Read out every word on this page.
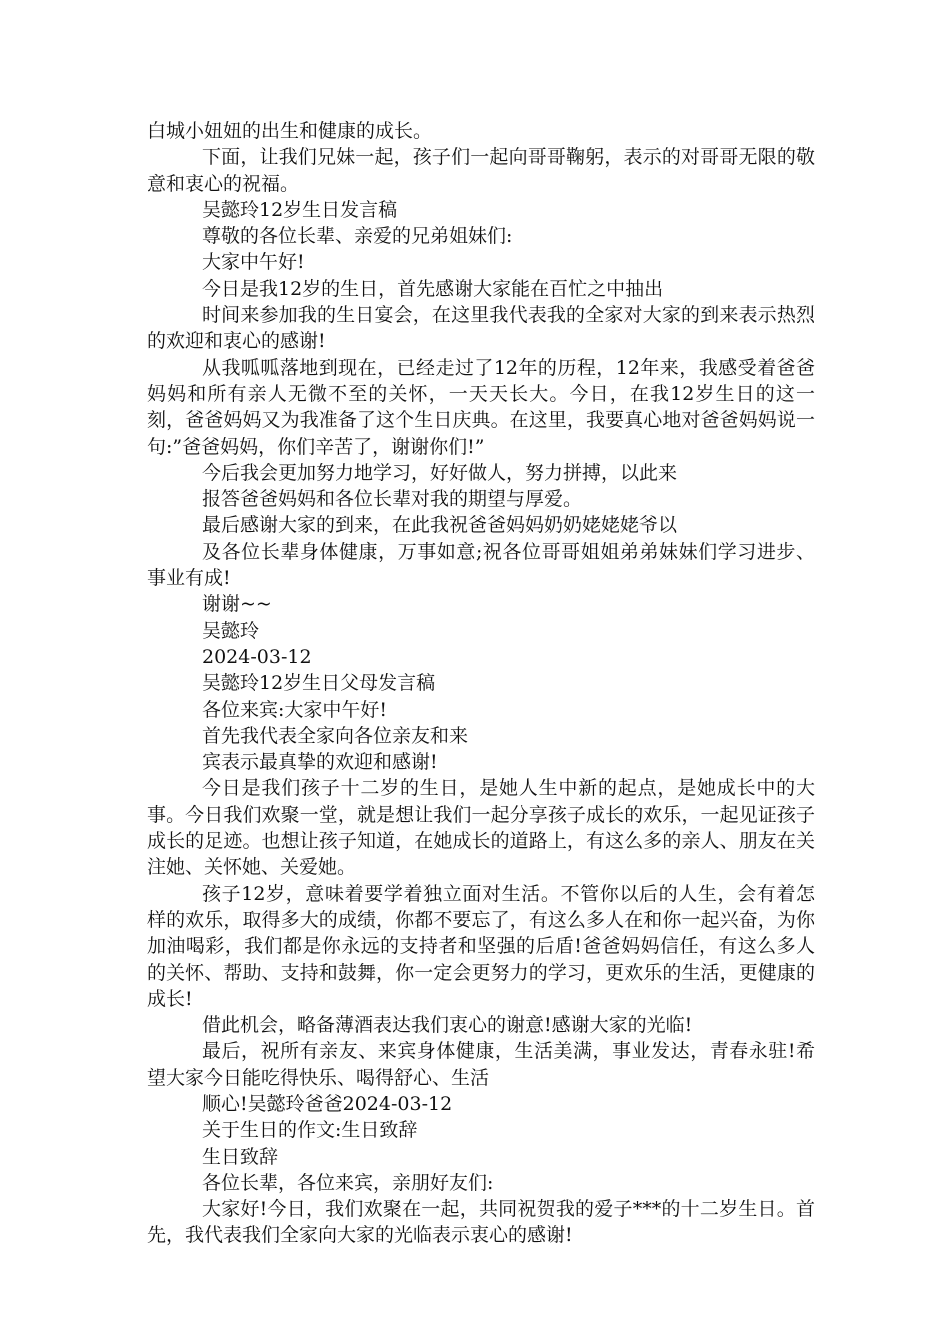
白城小妞妞的出生和健康的成长。

下面，让我们兄妹一起，孩子们一起向哥哥鞠躬，表示的对哥哥无限的敬意和衷心的祝福。

吴懿玲12岁生日发言稿

尊敬的各位长辈、亲爱的兄弟姐妹们:

大家中午好!

今日是我12岁的生日，首先感谢大家能在百忙之中抽出

时间来参加我的生日宴会，在这里我代表我的全家对大家的到来表示热烈的欢迎和衷心的感谢!

从我呱呱落地到现在，已经走过了12年的历程，12年来，我感受着爸爸妈妈和所有亲人无微不至的关怀，一天天长大。今日，在我12岁生日的这一刻，爸爸妈妈又为我准备了这个生日庆典。在这里，我要真心地对爸爸妈妈说一句:”爸爸妈妈，你们辛苦了，谢谢你们!”

今后我会更加努力地学习，好好做人，努力拼搏，以此来

报答爸爸妈妈和各位长辈对我的期望与厚爱。

最后感谢大家的到来，在此我祝爸爸妈妈奶奶姥姥姥爷以

及各位长辈身体健康，万事如意;祝各位哥哥姐姐弟弟妹妹们学习进步、事业有成!

谢谢~~

吴懿玲

2024-03-12

吴懿玲12岁生日父母发言稿

各位来宾:大家中午好!

首先我代表全家向各位亲友和来

宾表示最真挚的欢迎和感谢!

今日是我们孩子十二岁的生日，是她人生中新的起点，是她成长中的大事。今日我们欢聚一堂，就是想让我们一起分享孩子成长的欢乐，一起见证孩子成长的足迹。也想让孩子知道，在她成长的道路上，有这么多的亲人、朋友在关注她、关怀她、关爱她。

孩子12岁，意味着要学着独立面对生活。不管你以后的人生，会有着怎样的欢乐，取得多大的成绩，你都不要忘了，有这么多人在和你一起兴奋，为你加油喝彩，我们都是你永远的支持者和坚强的后盾!爸爸妈妈信任，有这么多人的关怀、帮助、支持和鼓舞，你一定会更努力的学习，更欢乐的生活，更健康的成长!

借此机会，略备薄酒表达我们衷心的谢意!感谢大家的光临!

最后，祝所有亲友、来宾身体健康，生活美满，事业发达，青春永驻!希望大家今日能吃得快乐、喝得舒心、生活

顺心!吴懿玲爸爸2024-03-12

关于生日的作文:生日致辞

生日致辞

各位长辈，各位来宾，亲朋好友们:

大家好!今日，我们欢聚在一起，共同祝贺我的爱子***的十二岁生日。首先，我代表我们全家向大家的光临表示衷心的感谢!
